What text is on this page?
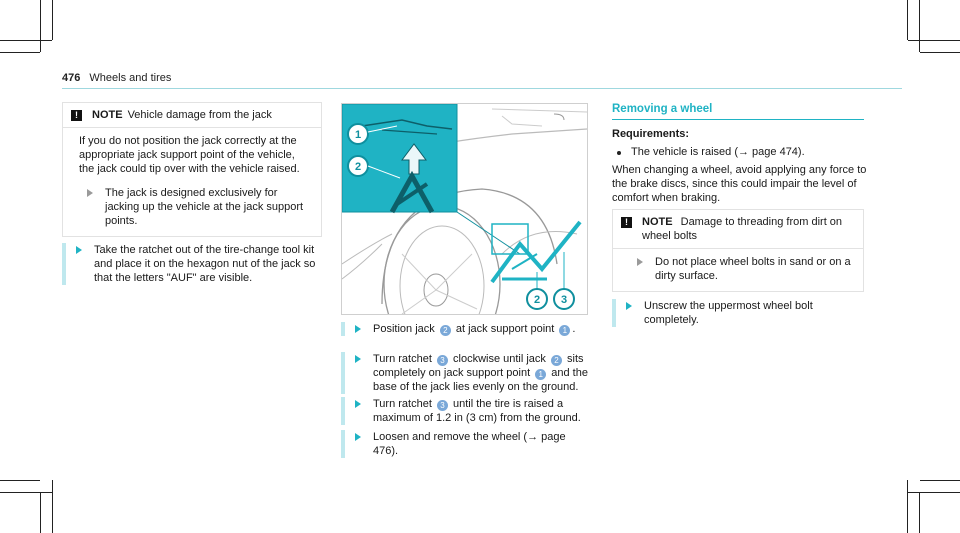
476 Wheels and tires
!	NOTE Vehicle damage from the jack
If you do not position the jack correctly at the appropriate jack support point of the vehicle, the jack could tip over with the vehicle raised.
The jack is designed exclusively for jacking up the vehicle at the jack support points.
Take the ratchet out of the tire-change tool kit and place it on the hexagon nut of the jack so that the letters "AUF" are visible.
1
2
2 3
Position jack 2 at jack support point 1 .
Turn ratchet 3 clockwise until jack 2 sits completely on jack support point 1 and the base of the jack lies evenly on the ground.
Turn ratchet 3 until the tire is raised a maximum of 1.2 in (3 cm) from the ground.
Loosen and remove the wheel (→ page 476).
Removing a wheel
Requirements:
The vehicle is raised (→ page 474).
When changing a wheel, avoid applying any force to the brake discs, since this could impair the level of comfort when braking.
!	NOTE Damage to threading from dirt on wheel bolts
Do not place wheel bolts in sand or on a dirty surface.
Unscrew the uppermost wheel bolt completely.
